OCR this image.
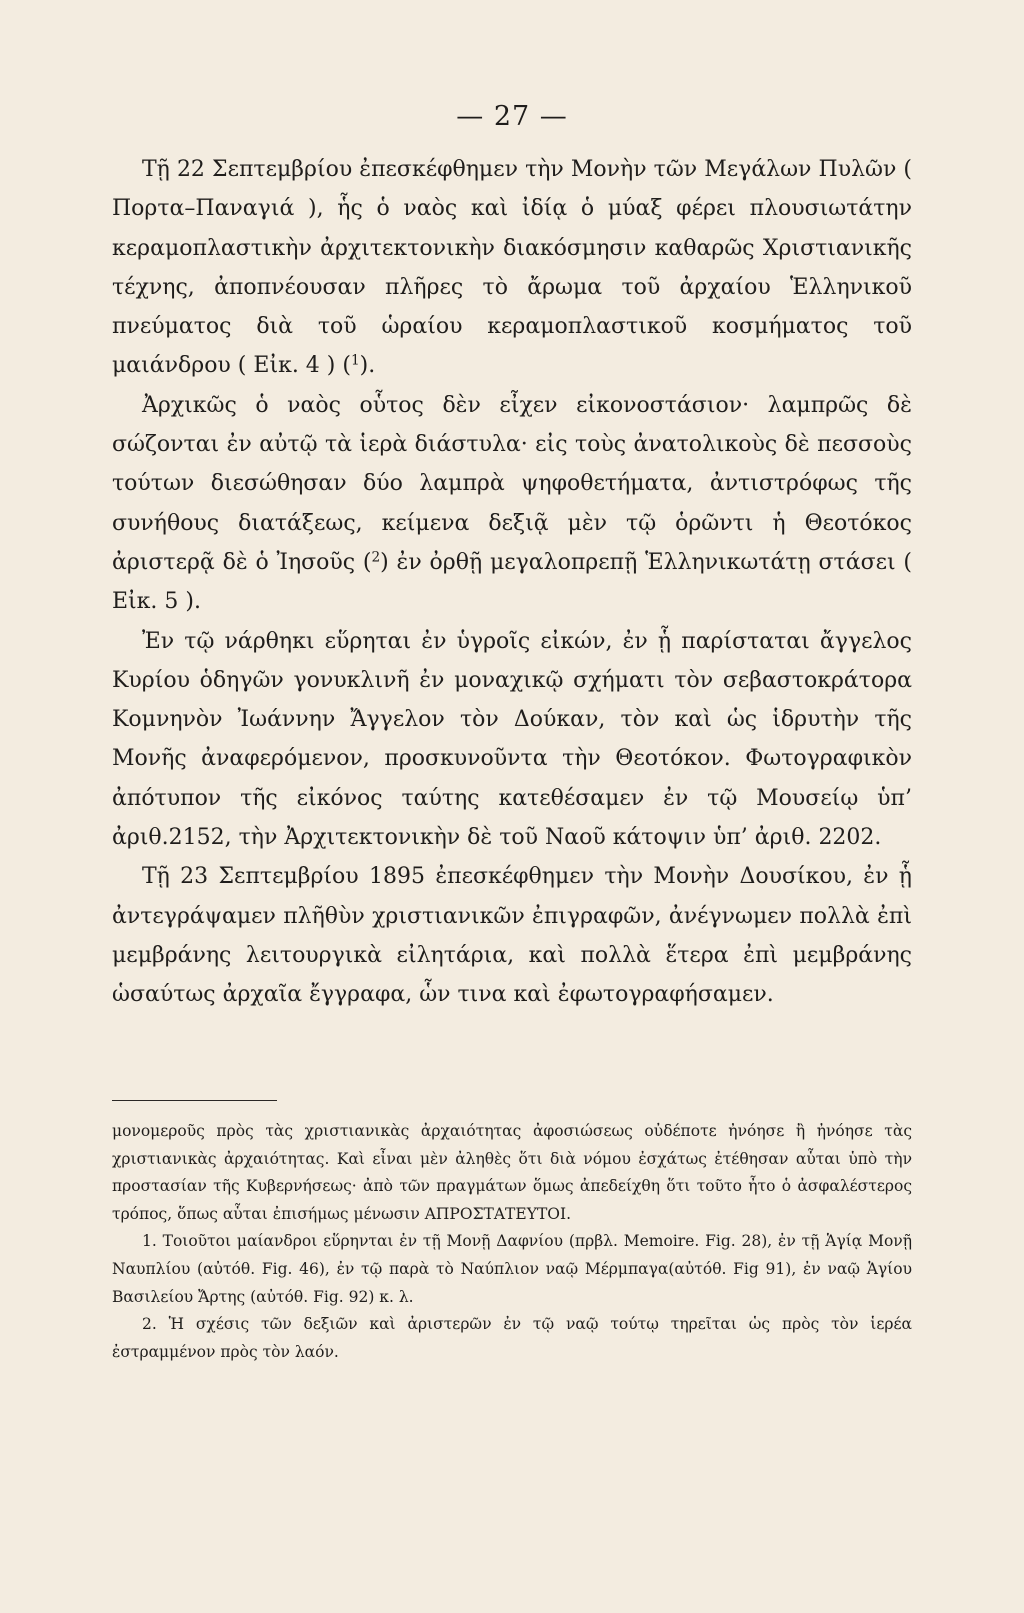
— 27 —

Τῇ 22 Σεπτεμβρίου ἐπεσκέφθημεν τὴν Μονὴν τῶν Μεγάλων Πυλῶν ( Πορτα–Παναγιά ), ἧς ὁ ναὸς καὶ ἰδίᾳ ὁ μύαξ φέρει πλουσιωτάτην κεραμοπλαστικὴν ἀρχιτεκτονικὴν διακόσμησιν καθαρῶς Χριστιανικῆς τέχνης, ἀποπνέουσαν πλῆρες τὸ ἄρωμα τοῦ ἀρχαίου Ἑλληνικοῦ πνεύματος διὰ τοῦ ὡραίου κεραμοπλαστικοῦ κοσμήματος τοῦ μαιάνδρου ( Εἰκ. 4 ) ($^1$).

Ἀρχικῶς ὁ ναὸς οὗτος δὲν εἶχεν εἰκονοστάσιον· λαμπρῶς δὲ σώζονται ἐν αὐτῷ τὰ ἱερὰ διάστυλα· εἰς τοὺς ἀνατολικοὺς δὲ πεσσοὺς τούτων διεσώθησαν δύο λαμπρὰ ψηφοθετήματα, ἀντιστρόφως τῆς συνήθους διατάξεως, κείμενα δεξιᾷ μὲν τῷ ὁρῶντι ἡ Θεοτόκος ἀριστερᾷ δὲ ὁ Ἰησοῦς ($^2$) ἐν ὀρθῇ μεγαλοπρεπῇ Ἑλληνικωτάτῃ στάσει ( Εἰκ. 5 ).

Ἐν τῷ νάρθηκι εὕρηται ἐν ὑγροῖς εἰκών, ἐν ᾗ παρίσταται ἄγγελος Κυρίου ὁδηγῶν γονυκλινῆ ἐν μοναχικῷ σχήματι τὸν σεβαστοκράτορα Κομνηνὸν Ἰωάννην Ἄγγελον τὸν Δούκαν, τὸν καὶ ὡς ἱδρυτὴν τῆς Μονῆς ἀναφερόμενον, προσκυνοῦντα τὴν Θεοτόκον. Φωτογραφικὸν ἀπότυπον τῆς εἰκόνος ταύτης κατεθέσαμεν ἐν τῷ Μουσείῳ ὑπ’ ἀριθ.2152, τὴν Ἀρχιτεκτονικὴν δὲ τοῦ Ναοῦ κάτοψιν ὑπ’ ἀριθ. 2202.

Τῇ 23 Σεπτεμβρίου 1895 ἐπεσκέφθημεν τὴν Μονὴν Δουσίκου, ἐν ᾗ ἀντεγράψαμεν πλῆθὺν χριστιανικῶν ἐπιγραφῶν, ἀνέγνωμεν πολλὰ ἐπὶ μεμβράνης λειτουργικὰ εἰλητάρια, καὶ πολλὰ ἕτερα ἐπὶ μεμβράνης ὡσαύτως ἀρχαῖα ἔγγραφα, ὧν τινα καὶ ἐφωτογραφήσαμεν.

μονομεροῦς πρὸς τὰς χριστιανικὰς ἀρχαιότητας ἀφοσιώσεως οὐδέποτε ἠνόησε ἢ ἠνόησε τὰς χριστιανικὰς ἀρχαιότητας. Καὶ εἶναι μὲν ἀληθὲς ὅτι διὰ νόμου ἐσχάτως ἐτέθησαν αὗται ὑπὸ τὴν προστασίαν τῆς Κυβερνήσεως· ἀπὸ τῶν πραγμάτων ὅμως ἀπεδείχθη ὅτι τοῦτο ἦτο ὁ ἀσφαλέστερος τρόπος, ὅπως αὗται ἐπισήμως μένωσιν ΑΠΡΟΣΤΑΤΕΥΤΟΙ.

1. Τοιοῦτοι μαίανδροι εὕρηνται ἐν τῇ Μονῇ Δαφνίου (πρβλ. Memoire. Fig. 28), ἐν τῇ Ἁγίᾳ Μονῇ Ναυπλίου (αὐτόθ. Fig. 46), ἐν τῷ παρὰ τὸ Ναύπλιον ναῷ Μέρμπαγα(αὐτόθ. Fig 91), ἐν ναῷ Ἁγίου Βασιλείου Ἄρτης (αὐτόθ. Fig. 92) κ. λ.

2. Ἡ σχέσις τῶν δεξιῶν καὶ ἀριστερῶν ἐν τῷ ναῷ τούτῳ τηρεῖται ὡς πρὸς τὸν ἱερέα ἐστραμμένον πρὸς τὸν λαόν.
